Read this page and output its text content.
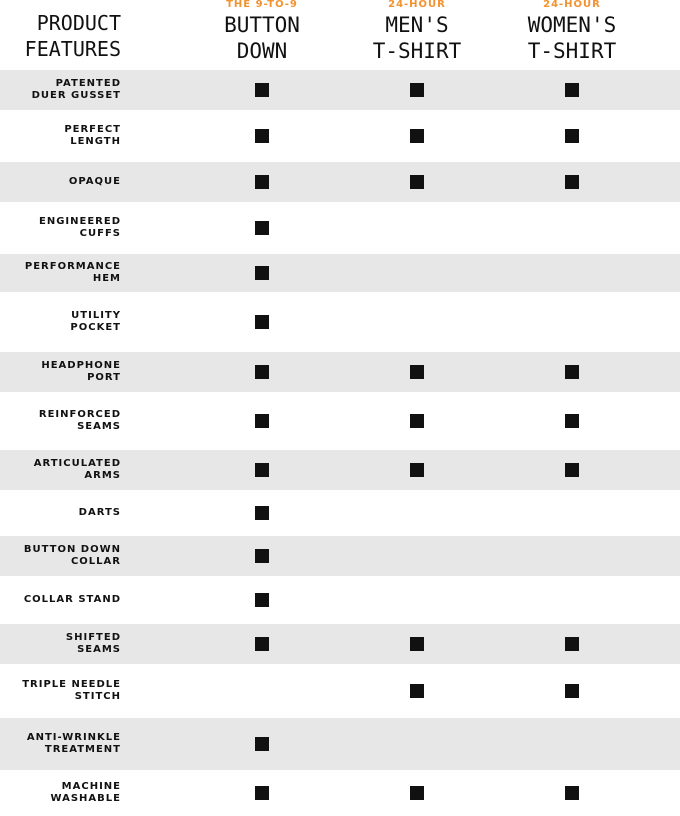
PRODUCT
FEATURES
THE 9-TO-9
BUTTON
DOWN
24-HOUR
MEN'S
T-SHIRT
24-HOUR
WOMEN'S
T-SHIRT
PATENTED
DUER GUSSET
PERFECT
LENGTH
OPAQUE
ENGINEERED
CUFFS
PERFORMANCE
HEM
UTILITY
POCKET
HEADPHONE
PORT
REINFORCED
SEAMS
ARTICULATED
ARMS
DARTS
BUTTON DOWN
COLLAR
COLLAR STAND
SHIFTED
SEAMS
TRIPLE NEEDLE
STITCH
ANTI-WRINKLE
TREATMENT
MACHINE
WASHABLE
